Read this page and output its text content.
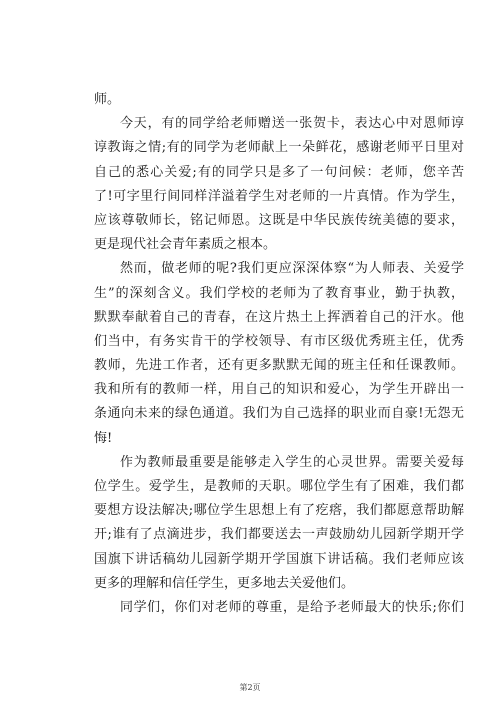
师。
今天，有的同学给老师赠送一张贺卡，表达心中对恩师谆
谆教诲之情;有的同学为老师献上一朵鲜花，感谢老师平日里对
自己的悉心关爱;有的同学只是多了一句问候：老师，您辛苦
了!可字里行间同样洋溢着学生对老师的一片真情。作为学生，
应该尊敬师长，铭记师恩。这既是中华民族传统美德的要求，
更是现代社会青年素质之根本。
然而，做老师的呢?我们更应深深体察“为人师表、关爱学
生”的深刻含义。我们学校的老师为了教育事业，勤于执教，
默默奉献着自己的青春，在这片热土上挥洒着自己的汗水。他
们当中，有务实肯干的学校领导、有市区级优秀班主任，优秀
教师，先进工作者，还有更多默默无闻的班主任和任课教师。
我和所有的教师一样，用自己的知识和爱心，为学生开辟出一
条通向未来的绿色通道。我们为自己选择的职业而自豪!无怨无
悔!
作为教师最重要是能够走入学生的心灵世界。需要关爱每
位学生。爱学生，是教师的天职。哪位学生有了困难，我们都
要想方设法解决;哪位学生思想上有了疙瘩，我们都愿意帮助解
开;谁有了点滴进步，我们都要送去一声鼓励幼儿园新学期开学
国旗下讲话稿幼儿园新学期开学国旗下讲话稿。我们老师应该
更多的理解和信任学生，更多地去关爱他们。
同学们，你们对老师的尊重，是给予老师最大的快乐;你们
第2页
